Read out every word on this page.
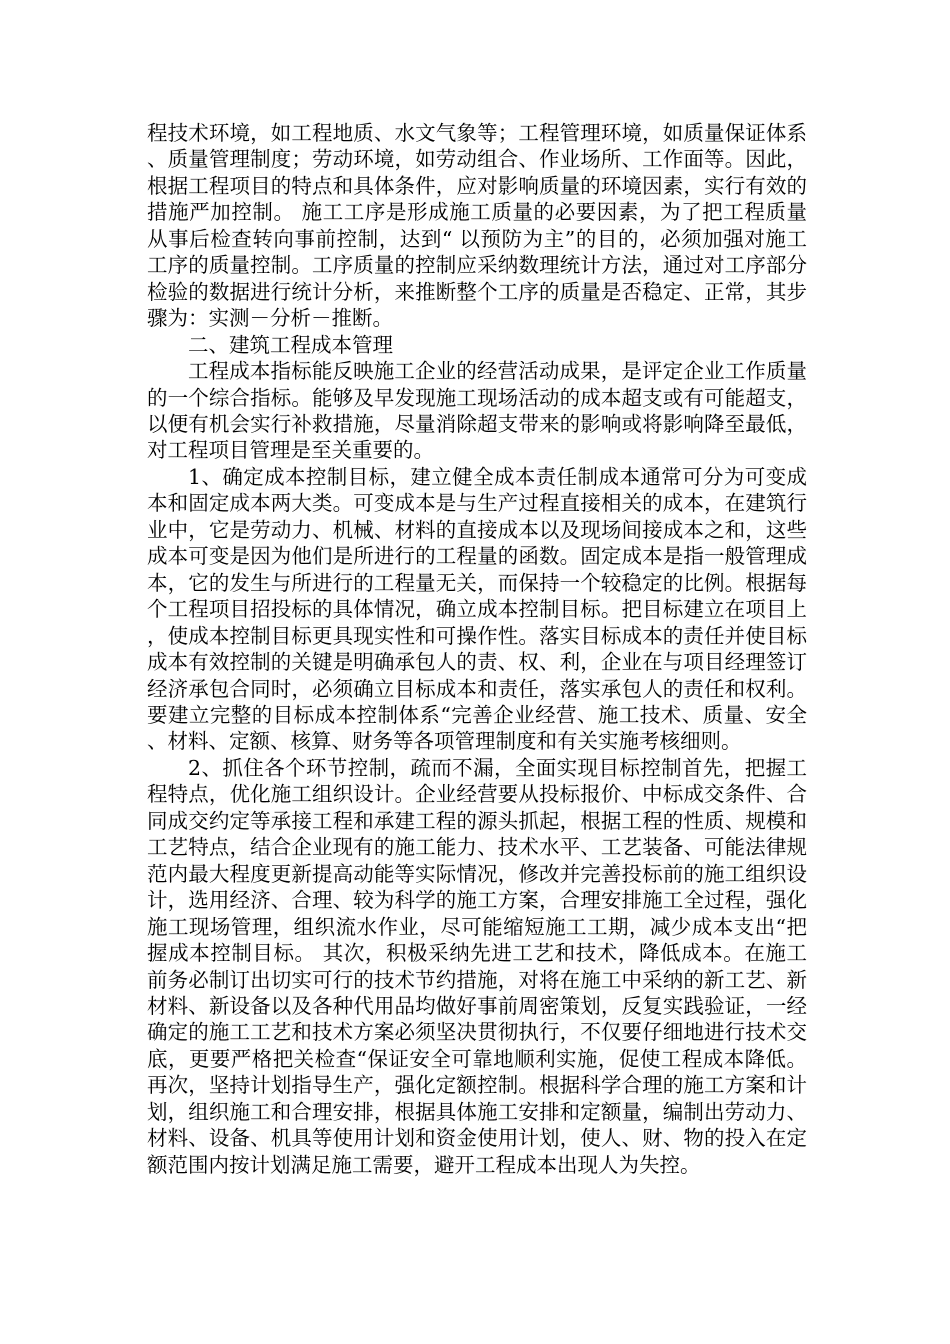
程技术环境，如工程地质、水文气象等；工程管理环境，如质量保证体系、质量管理制度；劳动环境，如劳动组合、作业场所、工作面等。因此，根据工程项目的特点和具体条件，应对影响质量的环境因素，实行有效的措施严加控制。 施工工序是形成施工质量的必要因素，为了把工程质量从事后检查转向事前控制，达到“ 以预防为主”的目的，必须加强对施工工序的质量控制。工序质量的控制应采纳数理统计方法，通过对工序部分检验的数据进行统计分析，来推断整个工序的质量是否稳定、正常，其步骤为：实测－分析－推断。

二、建筑工程成本管理

工程成本指标能反映施工企业的经营活动成果，是评定企业工作质量的一个综合指标。能够及早发现施工现场活动的成本超支或有可能超支，以便有机会实行补救措施，尽量消除超支带来的影响或将影响降至最低，对工程项目管理是至关重要的。

1、确定成本控制目标，建立健全成本责任制成本通常可分为可变成本和固定成本两大类。可变成本是与生产过程直接相关的成本，在建筑行业中，它是劳动力、机械、材料的直接成本以及现场间接成本之和，这些成本可变是因为他们是所进行的工程量的函数。固定成本是指一般管理成本，它的发生与所进行的工程量无关，而保持一个较稳定的比例。根据每个工程项目招投标的具体情况，确立成本控制目标。把目标建立在项目上，使成本控制目标更具现实性和可操作性。落实目标成本的责任并使目标成本有效控制的关键是明确承包人的责、权、利，企业在与项目经理签订经济承包合同时，必须确立目标成本和责任，落实承包人的责任和权利。要建立完整的目标成本控制体系“完善企业经营、施工技术、质量、安全、材料、定额、核算、财务等各项管理制度和有关实施考核细则。

2、抓住各个环节控制，疏而不漏，全面实现目标控制首先，把握工程特点，优化施工组织设计。企业经营要从投标报价、中标成交条件、合同成交约定等承接工程和承建工程的源头抓起，根据工程的性质、规模和工艺特点，结合企业现有的施工能力、技术水平、工艺装备、可能法律规范内最大程度更新提高动能等实际情况，修改并完善投标前的施工组织设计，选用经济、合理、较为科学的施工方案，合理安排施工全过程，强化施工现场管理，组织流水作业，尽可能缩短施工工期，减少成本支出“把握成本控制目标。 其次，积极采纳先进工艺和技术，降低成本。在施工前务必制订出切实可行的技术节约措施，对将在施工中采纳的新工艺、新材料、新设备以及各种代用品均做好事前周密策划，反复实践验证，一经确定的施工工艺和技术方案必须坚决贯彻执行，不仅要仔细地进行技术交底，更要严格把关检查“保证安全可靠地顺利实施，促使工程成本降低。 再次，坚持计划指导生产，强化定额控制。根据科学合理的施工方案和计划，组织施工和合理安排，根据具体施工安排和定额量，编制出劳动力、材料、设备、机具等使用计划和资金使用计划，使人、财、物的投入在定额范围内按计划满足施工需要，避开工程成本出现人为失控。
